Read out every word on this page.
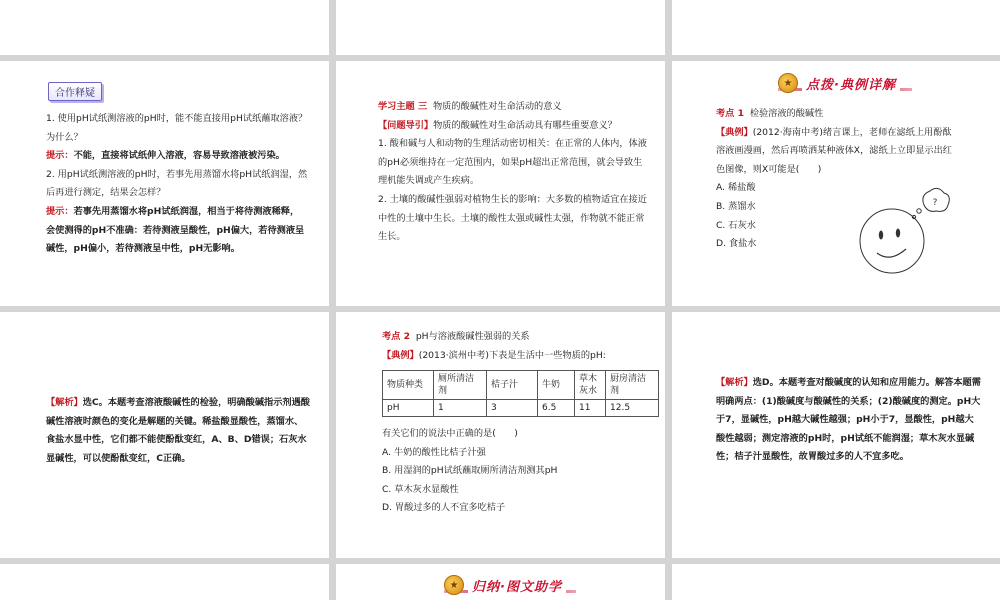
合作释疑

1. 使用pH试纸测溶液的pH时，能不能直接用pH试纸蘸取溶液？为什么？

提示：不能，直接将试纸伸入溶液，容易导致溶液被污染。

2. 用pH试纸测溶液的pH时，若事先用蒸馏水将pH试纸润湿，然后再进行测定，结果会怎样？

提示：若事先用蒸馏水将pH试纸润湿，相当于将待测液稀释，会使测得的pH不准确：若待测液呈酸性，pH偏大，若待测液呈碱性，pH偏小，若待测液呈中性，pH无影响。

学习主题 三 物质的酸碱性对生命活动的意义

【问题导引】物质的酸碱性对生命活动具有哪些重要意义？

1. 酸和碱与人和动物的生理活动密切相关：在正常的人体内，体液的pH必须维持在一定范围内，如果pH超出正常范围，就会导致生理机能失调或产生疾病。

2. 土壤的酸碱性强弱对植物生长的影响：大多数的植物适宜在接近中性的土壤中生长。土壤的酸性太强或碱性太强，作物就不能正常生长。

★	点拨·典例详解

考点 1 检验溶液的酸碱性

【典例】(2012·海南中考)绪言课上，老师在滤纸上用酚酞溶液画漫画，然后再喷洒某种液体X，滤纸上立即显示出红色图像，则X可能是(　　)

A. 稀盐酸

B. 蒸馏水

C. 石灰水

D. 食盐水

?

【解析】选C。本题考查溶液酸碱性的检验，明确酸碱指示剂遇酸碱性溶液时颜色的变化是解题的关键。稀盐酸显酸性，蒸馏水、食盐水显中性，它们都不能使酚酞变红，A、B、D错误；石灰水显碱性，可以使酚酞变红，C正确。

考点 2 pH与溶液酸碱性强弱的关系

【典例】(2013·滨州中考)下表是生活中一些物质的pH:

物质种类	厕所清洁剂	桔子汁	牛奶	草木灰水	厨房清洁剂
pH	1	3	6.5	11	12.5

有关它们的说法中正确的是(　　)

A. 牛奶的酸性比桔子汁强

B. 用湿润的pH试纸蘸取厕所清洁剂测其pH

C. 草木灰水显酸性

D. 胃酸过多的人不宜多吃桔子

【解析】选D。本题考查对酸碱度的认知和应用能力。解答本题需明确两点：(1)酸碱度与酸碱性的关系；(2)酸碱度的测定。pH大于7，显碱性，pH越大碱性越强；pH小于7，显酸性，pH越大酸性越弱；测定溶液的pH时，pH试纸不能润湿；草木灰水显碱性；桔子汁显酸性，故胃酸过多的人不宜多吃。

★	归纳·图文助学
